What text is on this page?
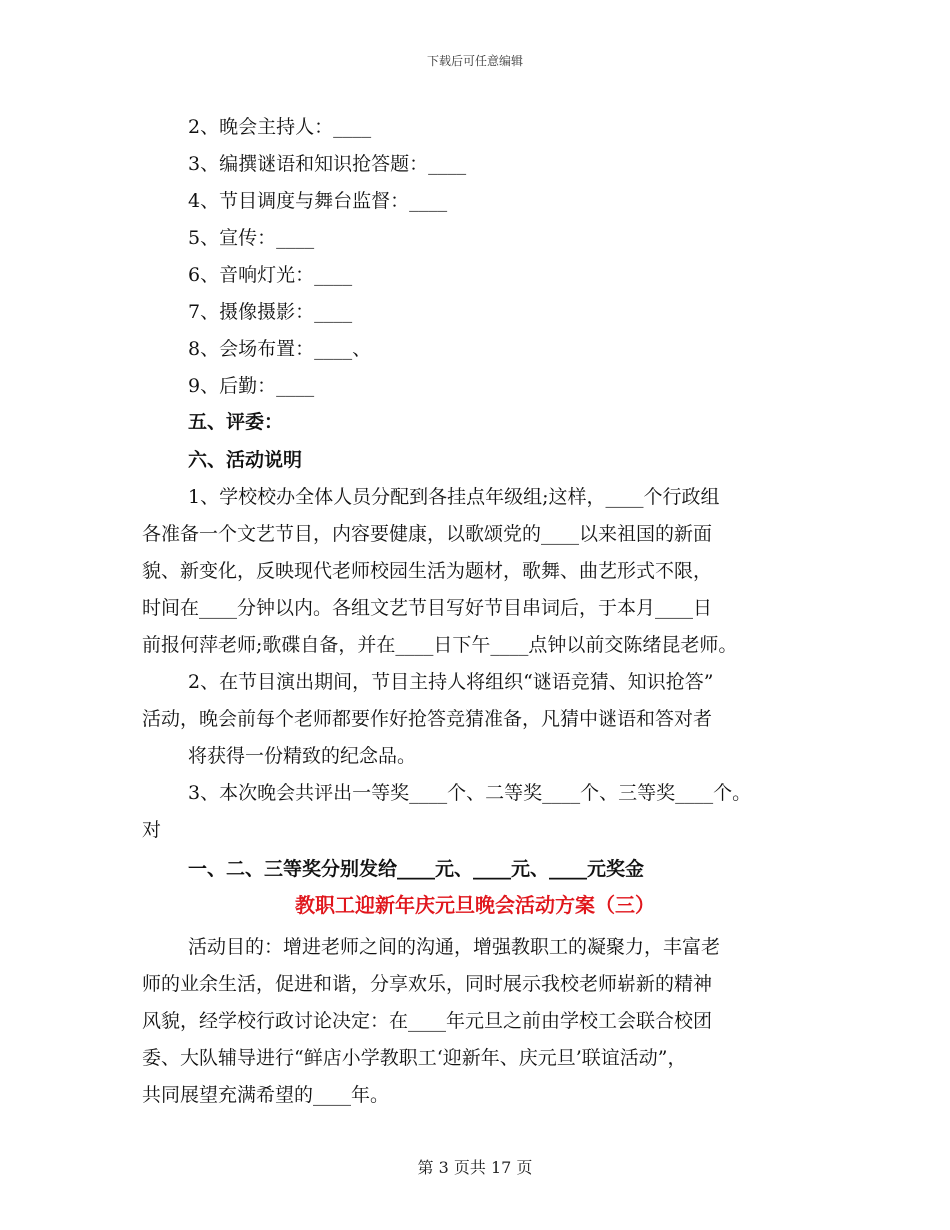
下载后可任意编辑
2、晚会主持人：____
3、编撰谜语和知识抢答题：____
4、节目调度与舞台监督：____
5、宣传：____
6、音响灯光：____
7、摄像摄影：____
8、会场布置：____、
9、后勤：____
五、评委：
六、活动说明
1、学校校办全体人员分配到各挂点年级组;这样，____个行政组
各准备一个文艺节目，内容要健康，以歌颂党的____以来祖国的新面
貌、新变化，反映现代老师校园生活为题材，歌舞、曲艺形式不限，
时间在____分钟以内。各组文艺节目写好节目串词后，于本月____日
前报何萍老师;歌碟自备，并在____日下午____点钟以前交陈绪昆老师。
2、在节目演出期间，节目主持人将组织“谜语竞猜、知识抢答”
活动，晚会前每个老师都要作好抢答竞猜准备，凡猜中谜语和答对者
将获得一份精致的纪念品。
3、本次晚会共评出一等奖____个、二等奖____个、三等奖____个。
对
一、二、三等奖分别发给____元、____元、____元奖金
教职工迎新年庆元旦晚会活动方案（三）
活动目的：增进老师之间的沟通，增强教职工的凝聚力，丰富老
师的业余生活，促进和谐，分享欢乐，同时展示我校老师崭新的精神
风貌，经学校行政讨论决定：在____年元旦之前由学校工会联合校团
委、大队辅导进行“鲜店小学教职工‘迎新年、庆元旦’联谊活动”，
共同展望充满希望的____年。
第 3 页共 17 页
